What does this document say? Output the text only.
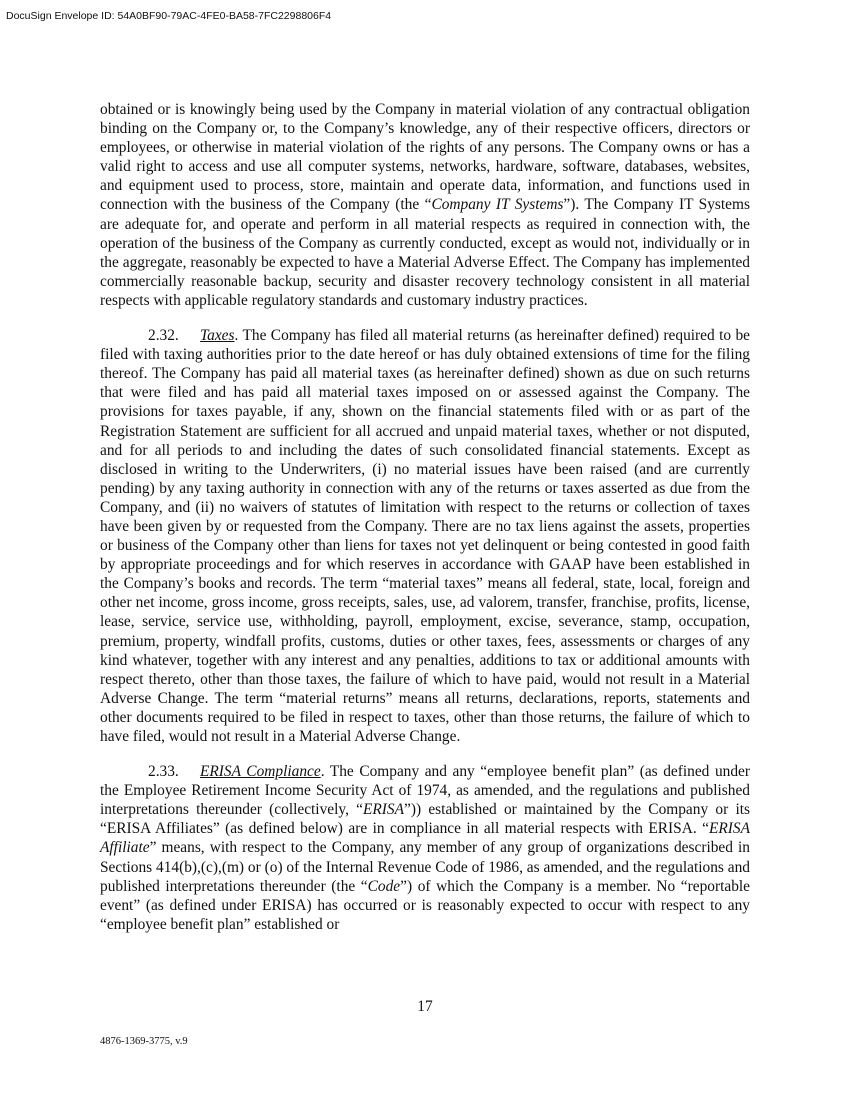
DocuSign Envelope ID: 54A0BF90-79AC-4FE0-BA58-7FC2298806F4

obtained or is knowingly being used by the Company in material violation of any contractual obligation binding on the Company or, to the Company’s knowledge, any of their respective officers, directors or employees, or otherwise in material violation of the rights of any persons. The Company owns or has a valid right to access and use all computer systems, networks, hardware, software, databases, websites, and equipment used to process, store, maintain and operate data, information, and functions used in connection with the business of the Company (the “Company IT Systems”). The Company IT Systems are adequate for, and operate and perform in all material respects as required in connection with, the operation of the business of the Company as currently conducted, except as would not, individually or in the aggregate, reasonably be expected to have a Material Adverse Effect. The Company has implemented commercially reasonable backup, security and disaster recovery technology consistent in all material respects with applicable regulatory standards and customary industry practices.

2.32. Taxes. The Company has filed all material returns (as hereinafter defined) required to be filed with taxing authorities prior to the date hereof or has duly obtained extensions of time for the filing thereof. The Company has paid all material taxes (as hereinafter defined) shown as due on such returns that were filed and has paid all material taxes imposed on or assessed against the Company. The provisions for taxes payable, if any, shown on the financial statements filed with or as part of the Registration Statement are sufficient for all accrued and unpaid material taxes, whether or not disputed, and for all periods to and including the dates of such consolidated financial statements. Except as disclosed in writing to the Underwriters, (i) no material issues have been raised (and are currently pending) by any taxing authority in connection with any of the returns or taxes asserted as due from the Company, and (ii) no waivers of statutes of limitation with respect to the returns or collection of taxes have been given by or requested from the Company. There are no tax liens against the assets, properties or business of the Company other than liens for taxes not yet delinquent or being contested in good faith by appropriate proceedings and for which reserves in accordance with GAAP have been established in the Company’s books and records. The term “material taxes” means all federal, state, local, foreign and other net income, gross income, gross receipts, sales, use, ad valorem, transfer, franchise, profits, license, lease, service, service use, withholding, payroll, employment, excise, severance, stamp, occupation, premium, property, windfall profits, customs, duties or other taxes, fees, assessments or charges of any kind whatever, together with any interest and any penalties, additions to tax or additional amounts with respect thereto, other than those taxes, the failure of which to have paid, would not result in a Material Adverse Change. The term “material returns” means all returns, declarations, reports, statements and other documents required to be filed in respect to taxes, other than those returns, the failure of which to have filed, would not result in a Material Adverse Change.

2.33. ERISA Compliance. The Company and any “employee benefit plan” (as defined under the Employee Retirement Income Security Act of 1974, as amended, and the regulations and published interpretations thereunder (collectively, “ERISA”)) established or maintained by the Company or its “ERISA Affiliates” (as defined below) are in compliance in all material respects with ERISA. “ERISA Affiliate” means, with respect to the Company, any member of any group of organizations described in Sections 414(b),(c),(m) or (o) of the Internal Revenue Code of 1986, as amended, and the regulations and published interpretations thereunder (the “Code”) of which the Company is a member. No “reportable event” (as defined under ERISA) has occurred or is reasonably expected to occur with respect to any “employee benefit plan” established or

17
4876-1369-3775, v.9
